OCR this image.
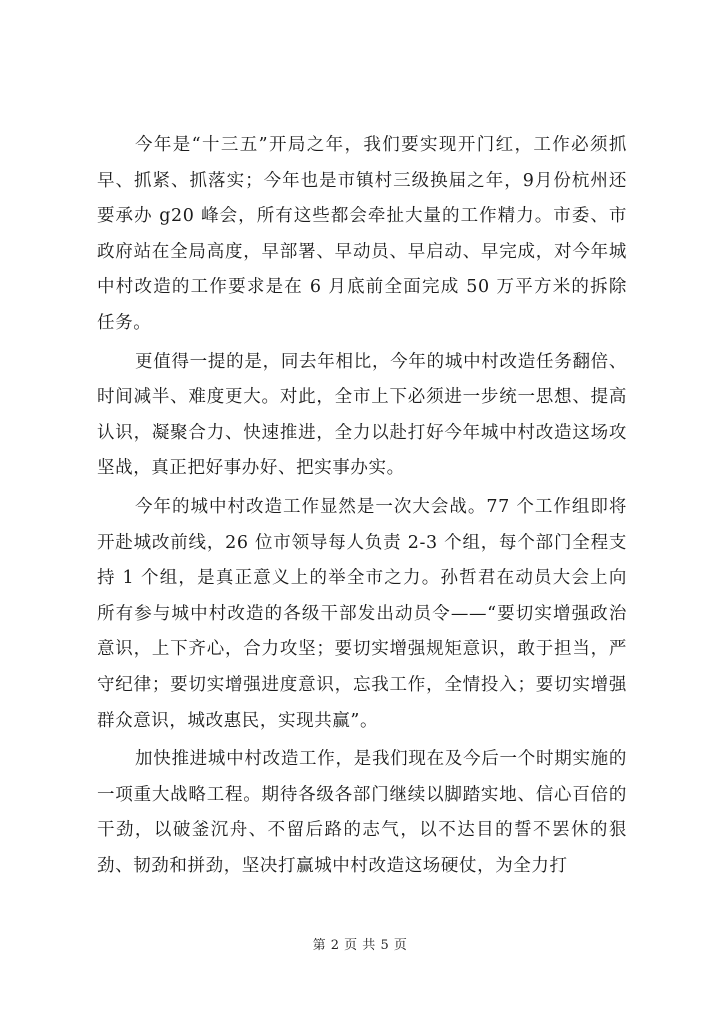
今年是“十三五”开局之年，我们要实现开门红，工作必须抓早、抓紧、抓落实；今年也是市镇村三级换届之年，9月份杭州还要承办 g20 峰会，所有这些都会牵扯大量的工作精力。市委、市政府站在全局高度，早部署、早动员、早启动、早完成，对今年城中村改造的工作要求是在 6 月底前全面完成 50 万平方米的拆除任务。

更值得一提的是，同去年相比，今年的城中村改造任务翻倍、时间减半、难度更大。对此，全市上下必须进一步统一思想、提高认识，凝聚合力、快速推进，全力以赴打好今年城中村改造这场攻坚战，真正把好事办好、把实事办实。

今年的城中村改造工作显然是一次大会战。77 个工作组即将开赴城改前线，26 位市领导每人负责 2-3 个组，每个部门全程支持 1 个组，是真正意义上的举全市之力。孙哲君在动员大会上向所有参与城中村改造的各级干部发出动员令——“要切实增强政治意识，上下齐心，合力攻坚；要切实增强规矩意识，敢于担当，严守纪律；要切实增强进度意识，忘我工作，全情投入；要切实增强群众意识，城改惠民，实现共赢”。

加快推进城中村改造工作，是我们现在及今后一个时期实施的一项重大战略工程。期待各级各部门继续以脚踏实地、信心百倍的干劲，以破釜沉舟、不留后路的志气，以不达目的誓不罢休的狠劲、韧劲和拼劲，坚决打赢城中村改造这场硬仗，为全力打

第 2 页 共 5 页
